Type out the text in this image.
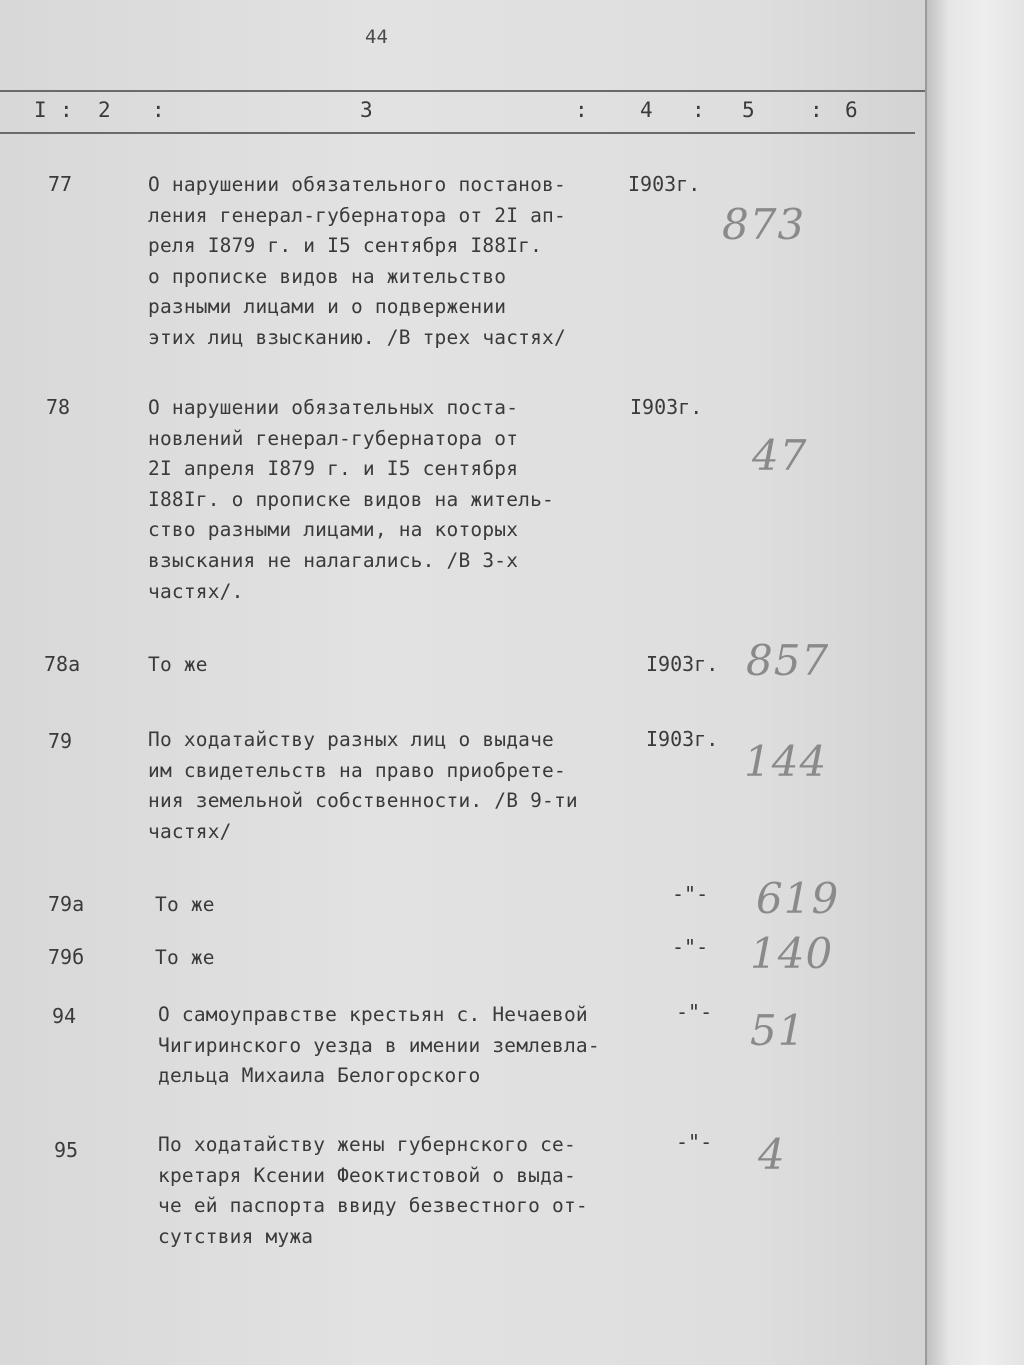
44
I : 2 :	3	: 4 : 5	: 6
77	О нарушении обязательного постанов-
ления генерал-губернатора от 2I ап-
реля I879 г. и I5 сентября I88Iг.
о прописке видов на жительство
разными лицами и о подвержении
этих лиц взысканию. /В трех частях/
I903г.
873
78	О нарушении обязательных поста-
новлений генерал-губернатора от
2I апреля I879 г. и I5 сентября
I88Iг. о прописке видов на житель-
ство разными лицами, на которых
взыскания не налагались. /В 3-х
частях/.
I903г.
47
78а	То же	I903г. 857
79	По ходатайству разных лиц о выдаче
им свидетельств на право приобрете-
ния земельной собственности. /В 9-ти
частях/
I903г. 144
79а	То же	-"- 619
79б	То же	-"- 140
94	О самоуправстве крестьян с. Нечаевой
Чигиринского уезда в имении землевла-
дельца Михаила Белогорского
-"- 51
95	По ходатайству жены губернского се-
кретаря Ксении Феоктистовой о выда-
че ей паспорта ввиду безвестного от-
сутствия мужа
-"- 4
